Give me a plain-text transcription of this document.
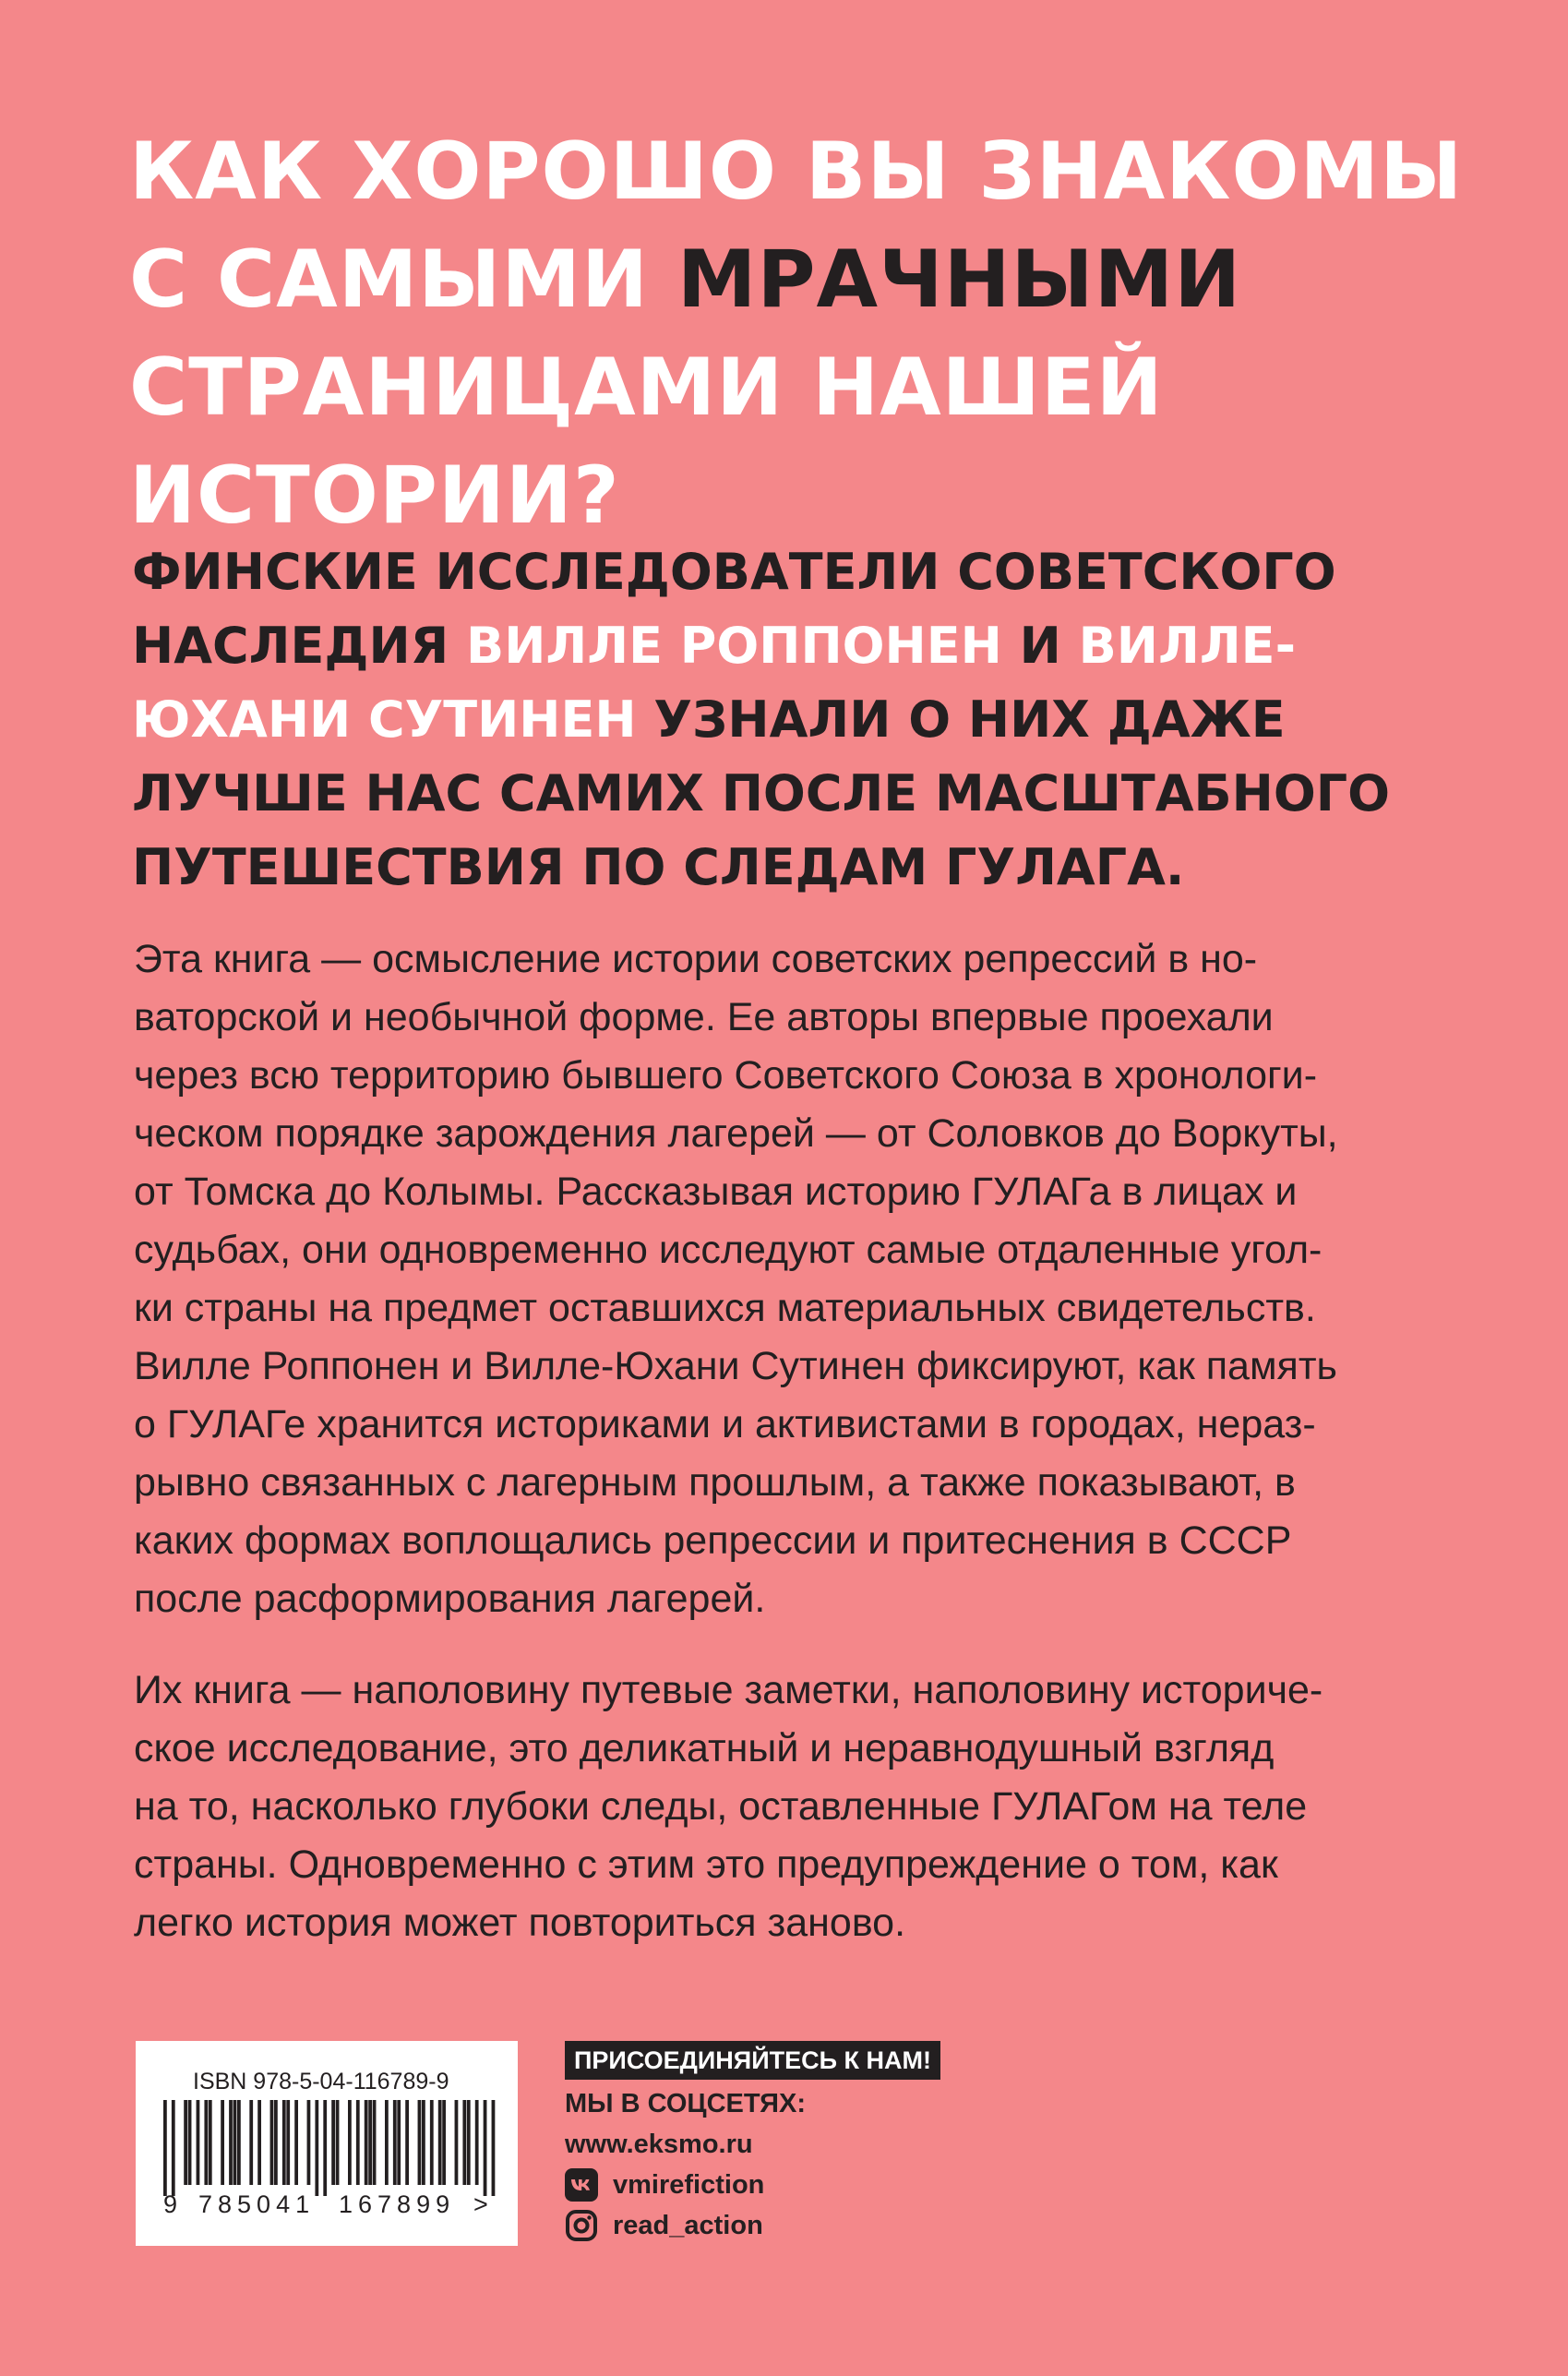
КАК ХОРОШО ВЫ ЗНАКОМЫ
С САМЫМИ МРАЧНЫМИ
СТРАНИЦАМИ НАШЕЙ
ИСТОРИИ?
ФИНСКИЕ ИССЛЕДОВАТЕЛИ СОВЕТСКОГО
НАСЛЕДИЯ ВИЛЛЕ РОППОНЕН И ВИЛЛЕ-
ЮХАНИ СУТИНЕН УЗНАЛИ О НИХ ДАЖЕ
ЛУЧШЕ НАС САМИХ ПОСЛЕ МАСШТАБНОГО
ПУТЕШЕСТВИЯ ПО СЛЕДАМ ГУЛАГА.

Эта книга — осмысление истории советских репрессий в но-
ваторской и необычной форме. Ее авторы впервые проехали
через всю территорию бывшего Советского Союза в хронологи-
ческом порядке зарождения лагерей — от Соловков до Воркуты,
от Томска до Колымы. Рассказывая историю ГУЛАГа в лицах и
судьбах, они одновременно исследуют самые отдаленные угол-
ки страны на предмет оставшихся материальных свидетельств.
Вилле Роппонен и Вилле-Юхани Сутинен фиксируют, как память
о ГУЛАГе хранится историками и активистами в городах, нераз-
рывно связанных с лагерным прошлым, а также показывают, в
каких формах воплощались репрессии и притеснения в СССР
после расформирования лагерей.

Их книга — наполовину путевые заметки, наполовину историче-
ское исследование, это деликатный и неравнодушный взгляд
на то, насколько глубоки следы, оставленные ГУЛАГом на теле
страны. Одновременно с этим это предупреждение о том, как
легко история может повториться заново.

ISBN 978-5-04-116789-9
9 785041 167899 >
ПРИСОЕДИНЯЙТЕСЬ К НАМ!
МЫ В СОЦСЕТЯХ:
www.eksmo.ru
vmirefiction
read_action
